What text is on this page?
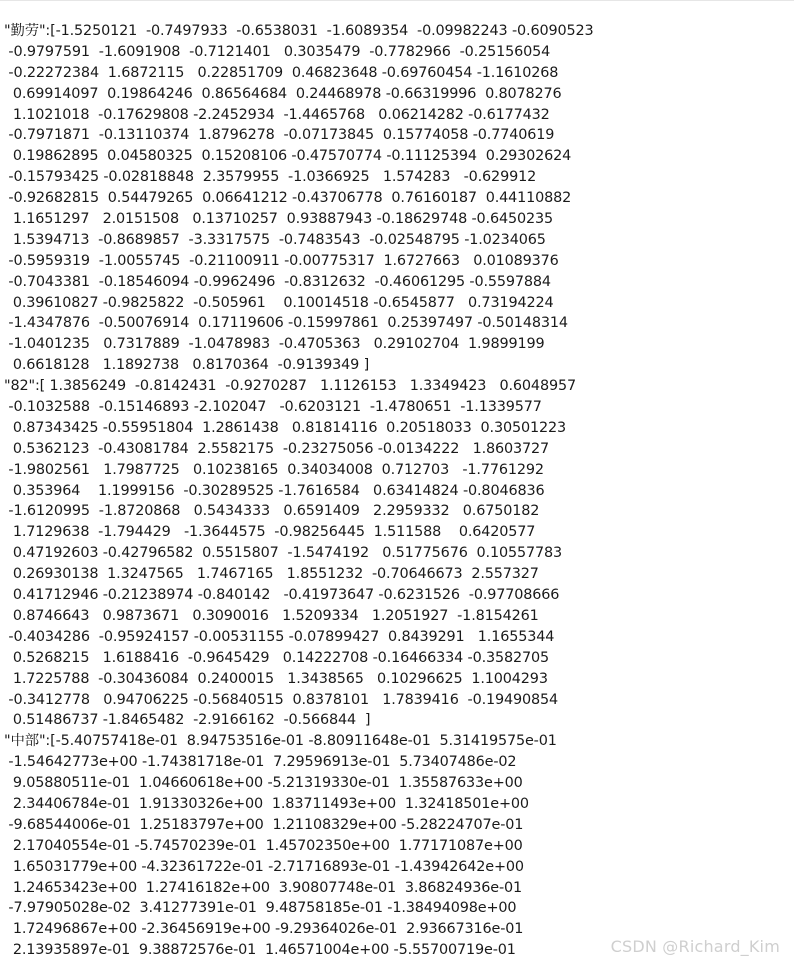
"勤劳":[-1.5250121  -0.7497933  -0.6538031  -1.6089354  -0.09982243 -0.6090523
-0.9797591  -1.6091908  -0.7121401   0.3035479  -0.7782966  -0.25156054
-0.22272384  1.6872115   0.22851709  0.46823648 -0.69760454 -1.1610268
0.69914097  0.19864246  0.86564684  0.24468978 -0.66319996  0.8078276
1.1021018  -0.17629808 -2.2452934  -1.4465768   0.06214282 -0.6177432
-0.7971871  -0.13110374  1.8796278  -0.07173845  0.15774058 -0.7740619
0.19862895  0.04580325  0.15208106 -0.47570774 -0.11125394  0.29302624
-0.15793425 -0.02818848  2.3579955  -1.0366925   1.574283   -0.629912
-0.92682815  0.54479265  0.06641212 -0.43706778  0.76160187  0.44110882
1.1651297   2.0151508   0.13710257  0.93887943 -0.18629748 -0.6450235
1.5394713  -0.8689857  -3.3317575  -0.7483543  -0.02548795 -1.0234065
-0.5959319  -1.0055745  -0.21100911 -0.00775317  1.6727663   0.01089376
-0.7043381  -0.18546094 -0.9962496  -0.8312632  -0.46061295 -0.5597884
0.39610827 -0.9825822  -0.505961    0.10014518 -0.6545877   0.73194224
-1.4347876  -0.50076914  0.17119606 -0.15997861  0.25397497 -0.50148314
-1.0401235   0.7317889  -1.0478983  -0.4705363   0.29102704  1.9899199
0.6618128   1.1892738   0.8170364  -0.9139349 ]
"82":[ 1.3856249  -0.8142431  -0.9270287   1.1126153   1.3349423   0.6048957
-0.1032588  -0.15146893 -2.102047   -0.6203121  -1.4780651  -1.1339577
0.87343425 -0.55951804  1.2861438   0.81814116  0.20518033  0.30501223
0.5362123  -0.43081784  2.5582175  -0.23275056 -0.0134222   1.8603727
-1.9802561   1.7987725   0.10238165  0.34034008  0.712703   -1.7761292
0.353964    1.1999156  -0.30289525 -1.7616584   0.63414824 -0.8046836
-1.6120995  -1.8720868   0.5434333   0.6591409   2.2959332   0.6750182
1.7129638  -1.794429   -1.3644575  -0.98256445  1.511588    0.6420577
0.47192603 -0.42796582  0.5515807  -1.5474192   0.51775676  0.10557783
0.26930138  1.3247565   1.7467165   1.8551232  -0.70646673  2.557327
0.41712946 -0.21238974 -0.840142   -0.41973647 -0.6231526  -0.97708666
0.8746643   0.9873671   0.3090016   1.5209334   1.2051927  -1.8154261
-0.4034286  -0.95924157 -0.00531155 -0.07899427  0.8439291   1.1655344
0.5268215   1.6188416  -0.9645429   0.14222708 -0.16466334 -0.3582705
1.7225788  -0.30436084  0.2400015   1.3438565   0.10296625  1.1004293
-0.3412778   0.94706225 -0.56840515  0.8378101   1.7839416  -0.19490854
0.51486737 -1.8465482  -2.9166162  -0.566844  ]
"中部":[-5.40757418e-01  8.94753516e-01 -8.80911648e-01  5.31419575e-01
-1.54642773e+00 -1.74381718e-01  7.29596913e-01  5.73407486e-02
9.05880511e-01  1.04660618e+00 -5.21319330e-01  1.35587633e+00
2.34406784e-01  1.91330326e+00  1.83711493e+00  1.32418501e+00
-9.68544006e-01  1.25183797e+00  1.21108329e+00 -5.28224707e-01
2.17040554e-01 -5.74570239e-01  1.45702350e+00  1.77171087e+00
1.65031779e+00 -4.32361722e-01 -2.71716893e-01 -1.43942642e+00
1.24653423e+00  1.27416182e+00  3.90807748e-01  3.86824936e-01
-7.97905028e-02  3.41277391e-01  9.48758185e-01 -1.38494098e+00
1.72496867e+00 -2.36456919e+00 -9.29364026e-01  2.93667316e-01
2.13935897e-01  9.38872576e-01  1.46571004e+00 -5.55700719e-01	CSDN @Richard_Kim
